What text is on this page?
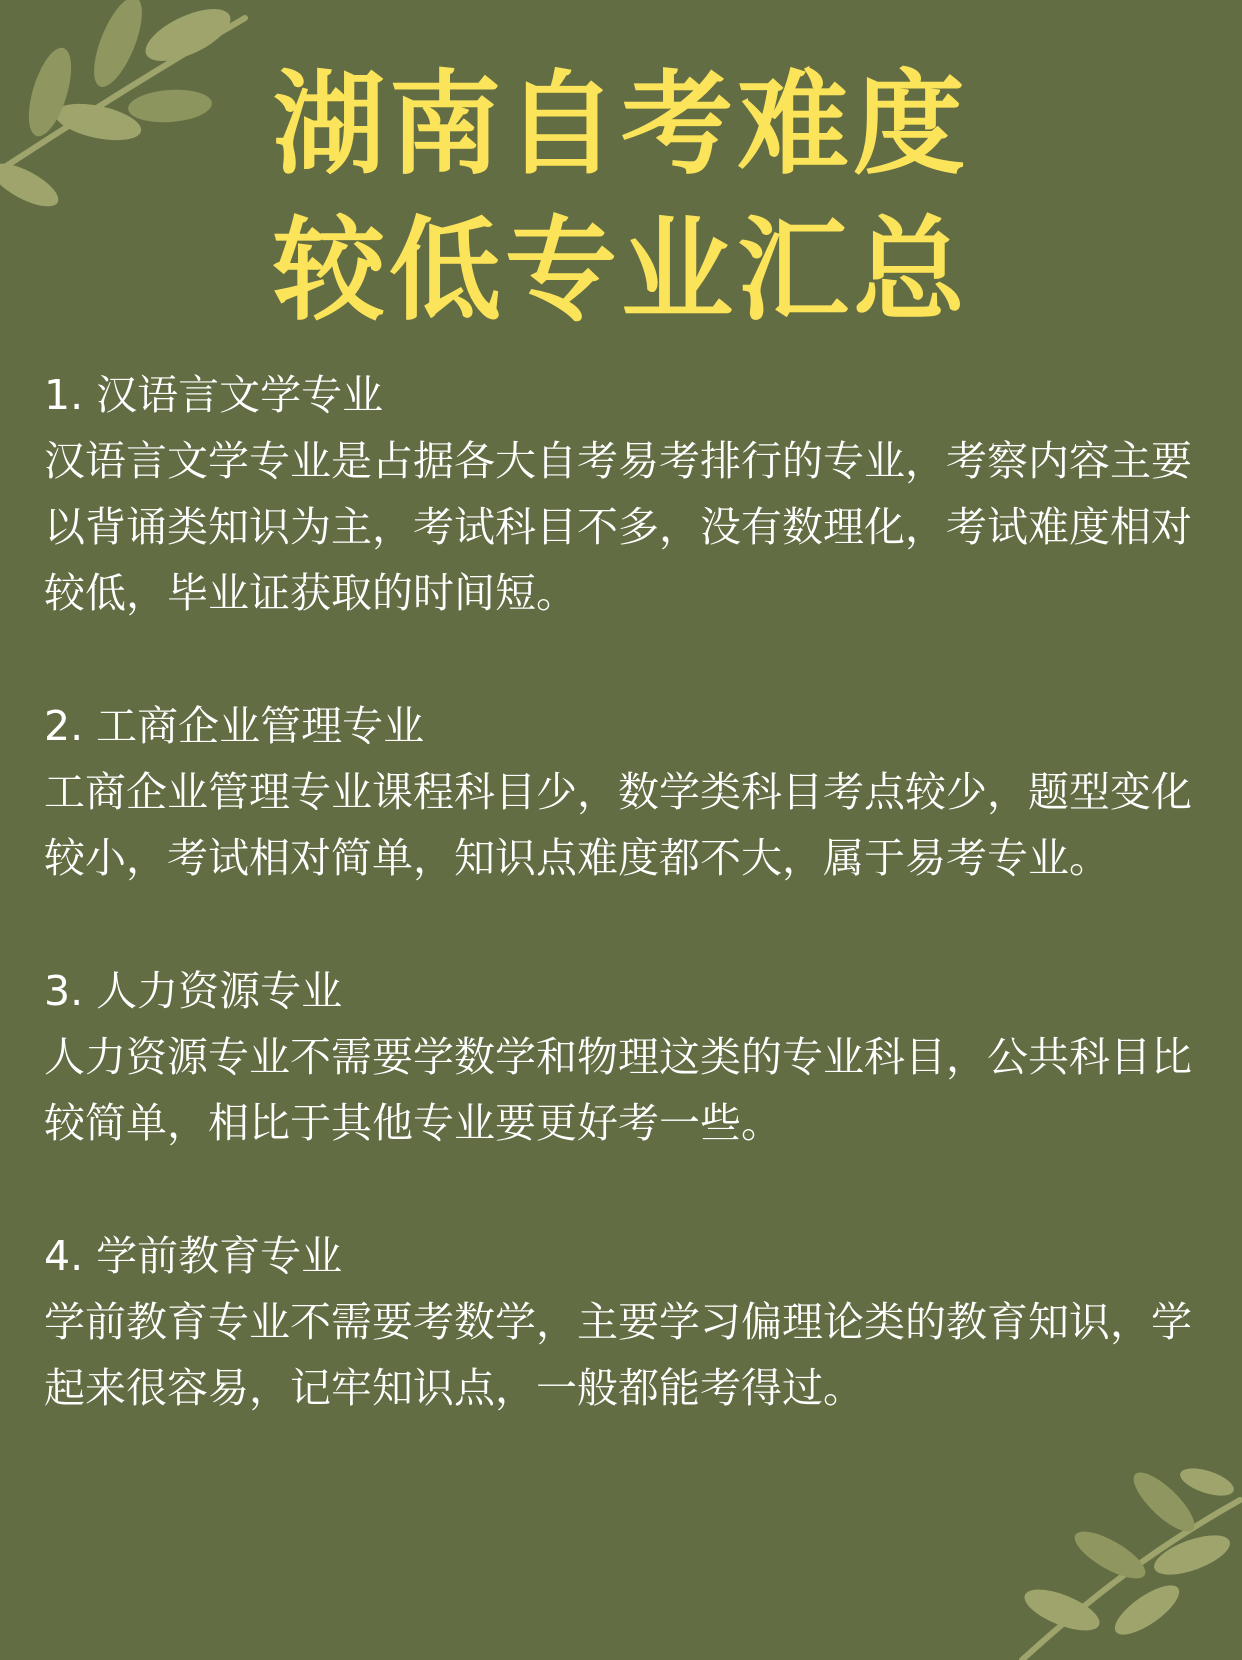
湖南自考难度
较低专业汇总
1. 汉语言文学专业
汉语言文学专业是占据各大自考易考排行的专业，考察内容主要以背诵类知识为主，考试科目不多，没有数理化，考试难度相对较低，毕业证获取的时间短。
2. 工商企业管理专业
工商企业管理专业课程科目少，数学类科目考点较少，题型变化较小，考试相对简单，知识点难度都不大，属于易考专业。
3. 人力资源专业
人力资源专业不需要学数学和物理这类的专业科目，公共科目比较简单，相比于其他专业要更好考一些。
4. 学前教育专业
学前教育专业不需要考数学，主要学习偏理论类的教育知识，学起来很容易，记牢知识点，一般都能考得过。
